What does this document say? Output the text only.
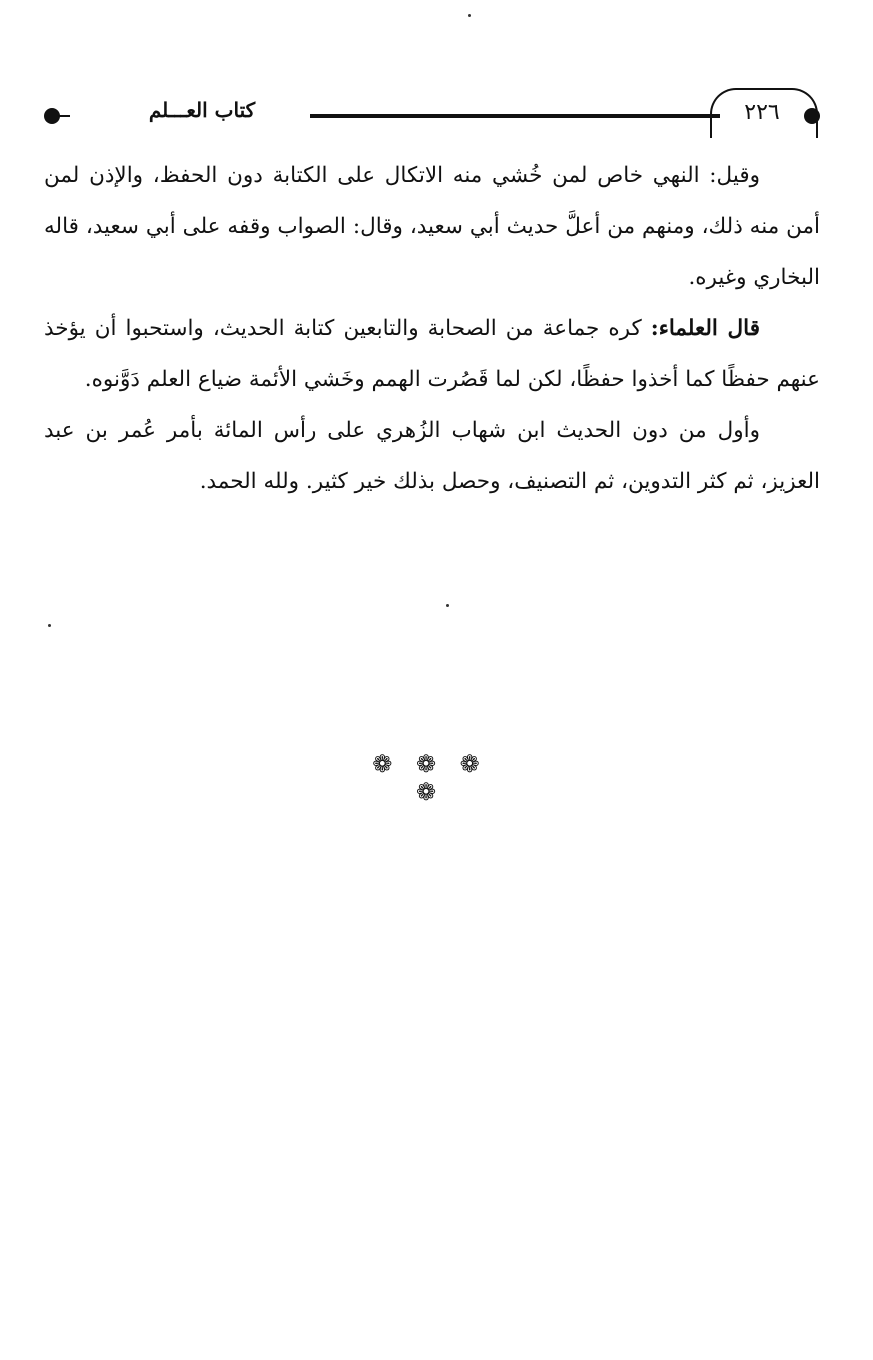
كتاب العـــلم	٢٢٦

وقيل: النهي خاص لمن خُشي منه الاتكال على الكتابة دون الحفظ، والإذن لمن أمن منه ذلك، ومنهم من أعلَّ حديث أبي سعيد، وقال: الصواب وقفه على أبي سعيد، قاله البخاري وغيره.

قال العلماء: كره جماعة من الصحابة والتابعين كتابة الحديث، واستحبوا أن يؤخذ عنهم حفظًا كما أخذوا حفظًا، لكن لما قَصُرت الهمم وخَشي الأئمة ضياع العلم دَوَّنوه.

وأول من دون الحديث ابن شهاب الزُهري على رأس المائة بأمر عُمر بن عبد العزيز، ثم كثر التدوين، ثم التصنيف، وحصل بذلك خير كثير. ولله الحمد.

❁ ❁ ❁ ❁
